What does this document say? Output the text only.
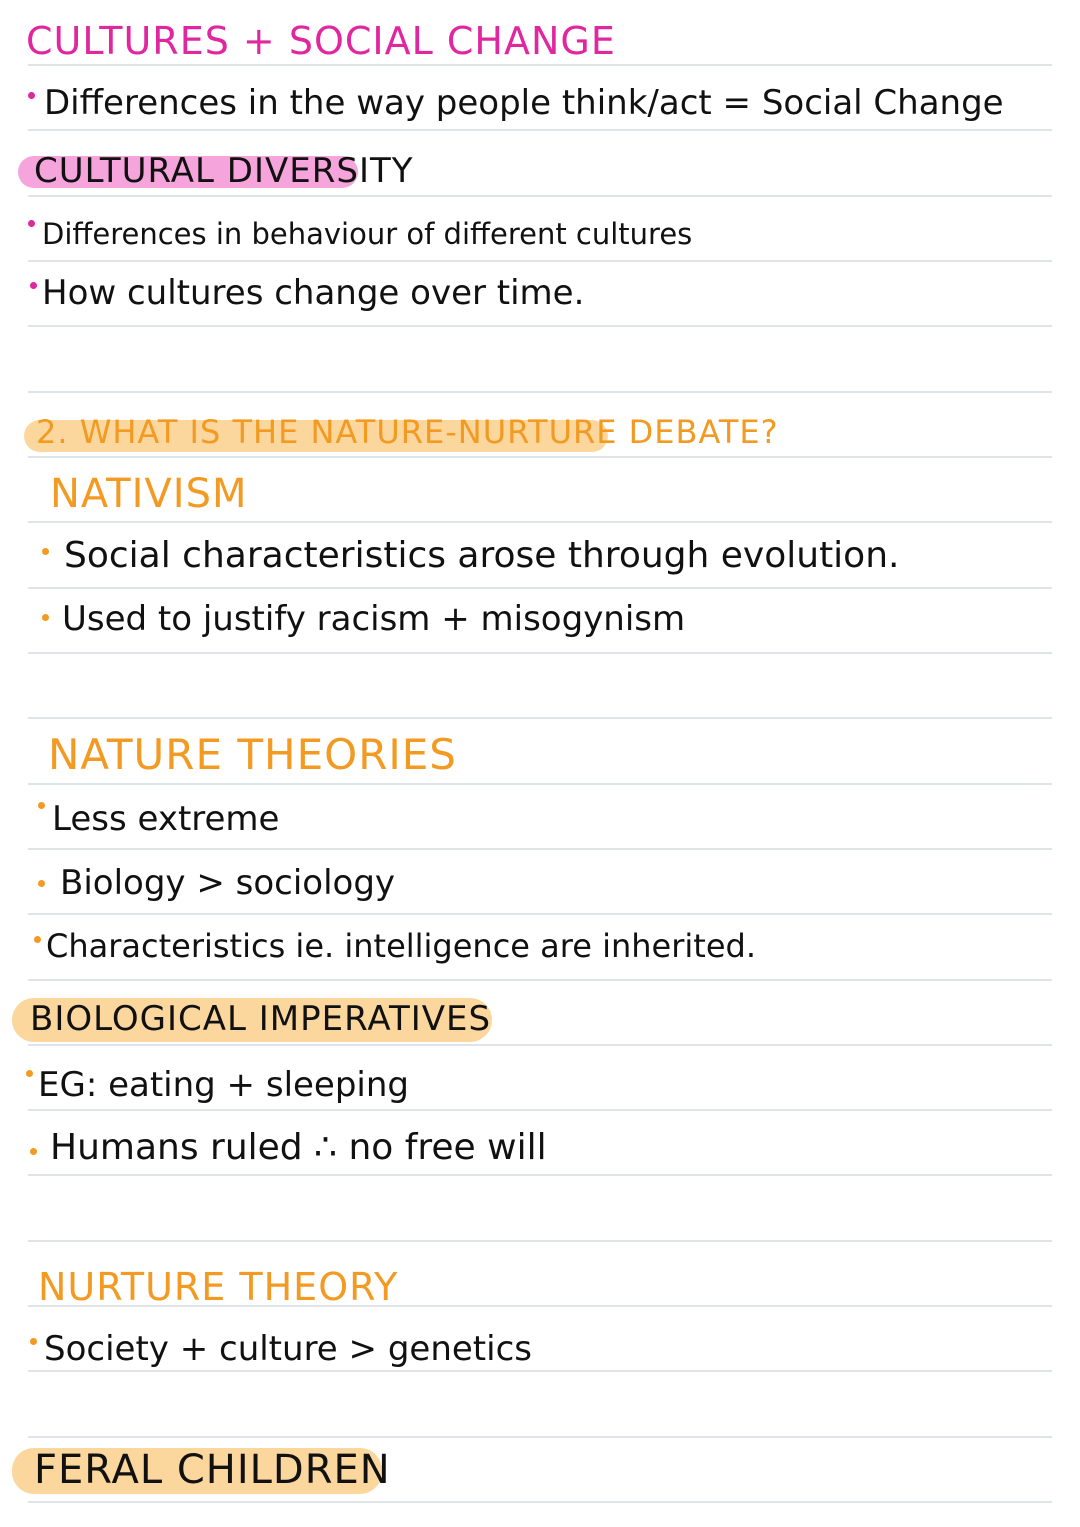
CULTURES + SOCIAL CHANGE
Differences in the way people think/act = Social Change
CULTURAL DIVERSITY
Differences in behaviour of different cultures
How cultures change over time.
2. WHAT IS THE NATURE-NURTURE DEBATE?
NATIVISM
Social characteristics arose through evolution.
Used to justify racism + misogynism
NATURE THEORIES
Less extreme
Biology > sociology
Characteristics ie. intelligence are inherited.
BIOLOGICAL IMPERATIVES
EG: eating + sleeping
Humans ruled ∴ no free will
NURTURE THEORY
Society + culture > genetics
FERAL CHILDREN
